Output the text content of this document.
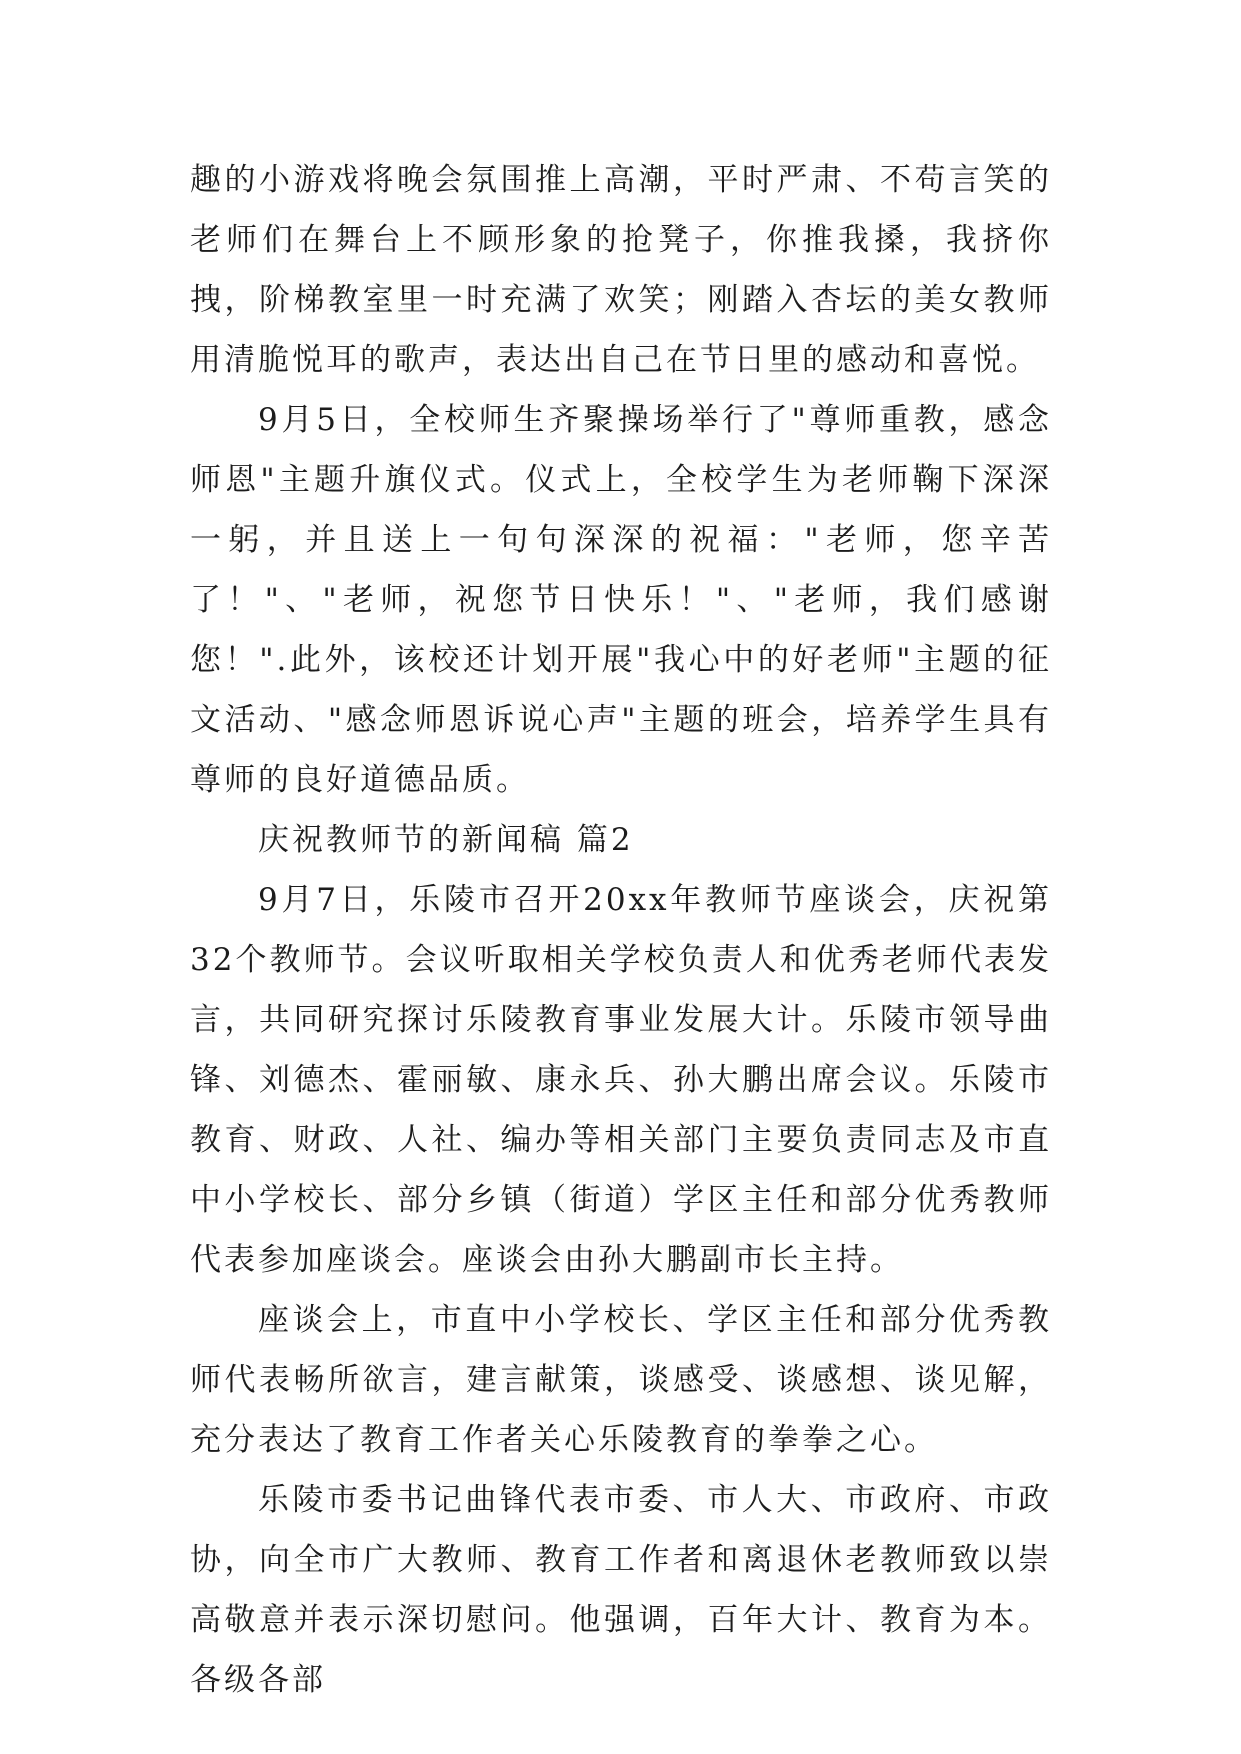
趣的小游戏将晚会氛围推上高潮，平时严肃、不苟言笑的老师们在舞台上不顾形象的抢凳子，你推我搡，我挤你拽，阶梯教室里一时充满了欢笑；刚踏入杏坛的美女教师用清脆悦耳的歌声，表达出自己在节日里的感动和喜悦。

9月5日，全校师生齐聚操场举行了"尊师重教，感念师恩"主题升旗仪式。仪式上，全校学生为老师鞠下深深一躬，并且送上一句句深深的祝福："老师，您辛苦了！"、"老师，祝您节日快乐！"、"老师，我们感谢您！".此外，该校还计划开展"我心中的好老师"主题的征文活动、"感念师恩诉说心声"主题的班会，培养学生具有尊师的良好道德品质。

庆祝教师节的新闻稿 篇2

9月7日，乐陵市召开20xx年教师节座谈会，庆祝第32个教师节。会议听取相关学校负责人和优秀老师代表发言，共同研究探讨乐陵教育事业发展大计。乐陵市领导曲锋、刘德杰、霍丽敏、康永兵、孙大鹏出席会议。乐陵市教育、财政、人社、编办等相关部门主要负责同志及市直中小学校长、部分乡镇（街道）学区主任和部分优秀教师代表参加座谈会。座谈会由孙大鹏副市长主持。

座谈会上，市直中小学校长、学区主任和部分优秀教师代表畅所欲言，建言献策，谈感受、谈感想、谈见解，充分表达了教育工作者关心乐陵教育的拳拳之心。

乐陵市委书记曲锋代表市委、市人大、市政府、市政协，向全市广大教师、教育工作者和离退休老教师致以崇高敬意并表示深切慰问。他强调，百年大计、教育为本。各级各部
